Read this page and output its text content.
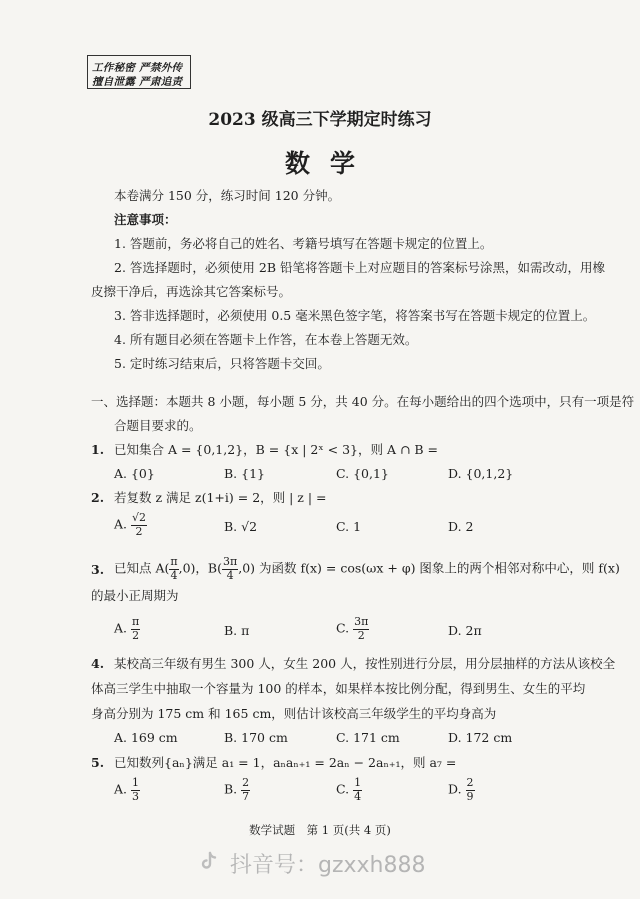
工作秘密 严禁外传
擅自泄露 严肃追责
2023 级高三下学期定时练习
数学
本卷满分 150 分，练习时间 120 分钟。
注意事项：
1. 答题前，务必将自己的姓名、考籍号填写在答题卡规定的位置上。
2. 答选择题时，必须使用 2B 铅笔将答题卡上对应题目的答案标号涂黑，如需改动，用橡
皮擦干净后，再选涂其它答案标号。
3. 答非选择题时，必须使用 0.5 毫米黑色签字笔，将答案书写在答题卡规定的位置上。
4. 所有题目必须在答题卡上作答，在本卷上答题无效。
5. 定时练习结束后，只将答题卡交回。
一、选择题：本题共 8 小题，每小题 5 分，共 40 分。在每小题给出的四个选项中，只有一项是符
合题目要求的。
1. 已知集合 A = {0,1,2}，B = {x | 2ˣ < 3}，则 A ∩ B =
A. {0}	B. {1}	C. {0,1}	D. {0,1,2}
2. 若复数 z 满足 z(1+i) = 2，则 | z | =
A. $\frac{√2}{2}$	B. √2	C. 1	D. 2
3. 已知点 $A( \frac{\pi}{4} ,0)$，$B( \frac{3\pi}{4} ,0)$ 为函数 f(x) = cos(ωx + φ) 图象上的两个相邻对称中心，则 f(x)
的最小正周期为
A. $\frac{\pi}{2}$	B. π	C. $\frac{3\pi}{2}$	D. 2π
4. 某校高三年级有男生 300 人，女生 200 人，按性别进行分层，用分层抽样的方法从该校全
体高三学生中抽取一个容量为 100 的样本，如果样本按比例分配，得到男生、女生的平均
身高分别为 175 cm 和 165 cm，则估计该校高三年级学生的平均身高为
A. 169 cm	B. 170 cm	C. 171 cm	D. 172 cm
5. 已知数列{aₙ}满足 a₁ = 1，aₙaₙ₊₁ = 2aₙ − 2aₙ₊₁，则 a₇ =
A. $\frac{1}{3}$	B. $\frac{2}{7}$	C. $\frac{1}{4}$	D. $\frac{2}{9}$
数学试题　第 1 页(共 4 页)
抖音号：gzxxh888
